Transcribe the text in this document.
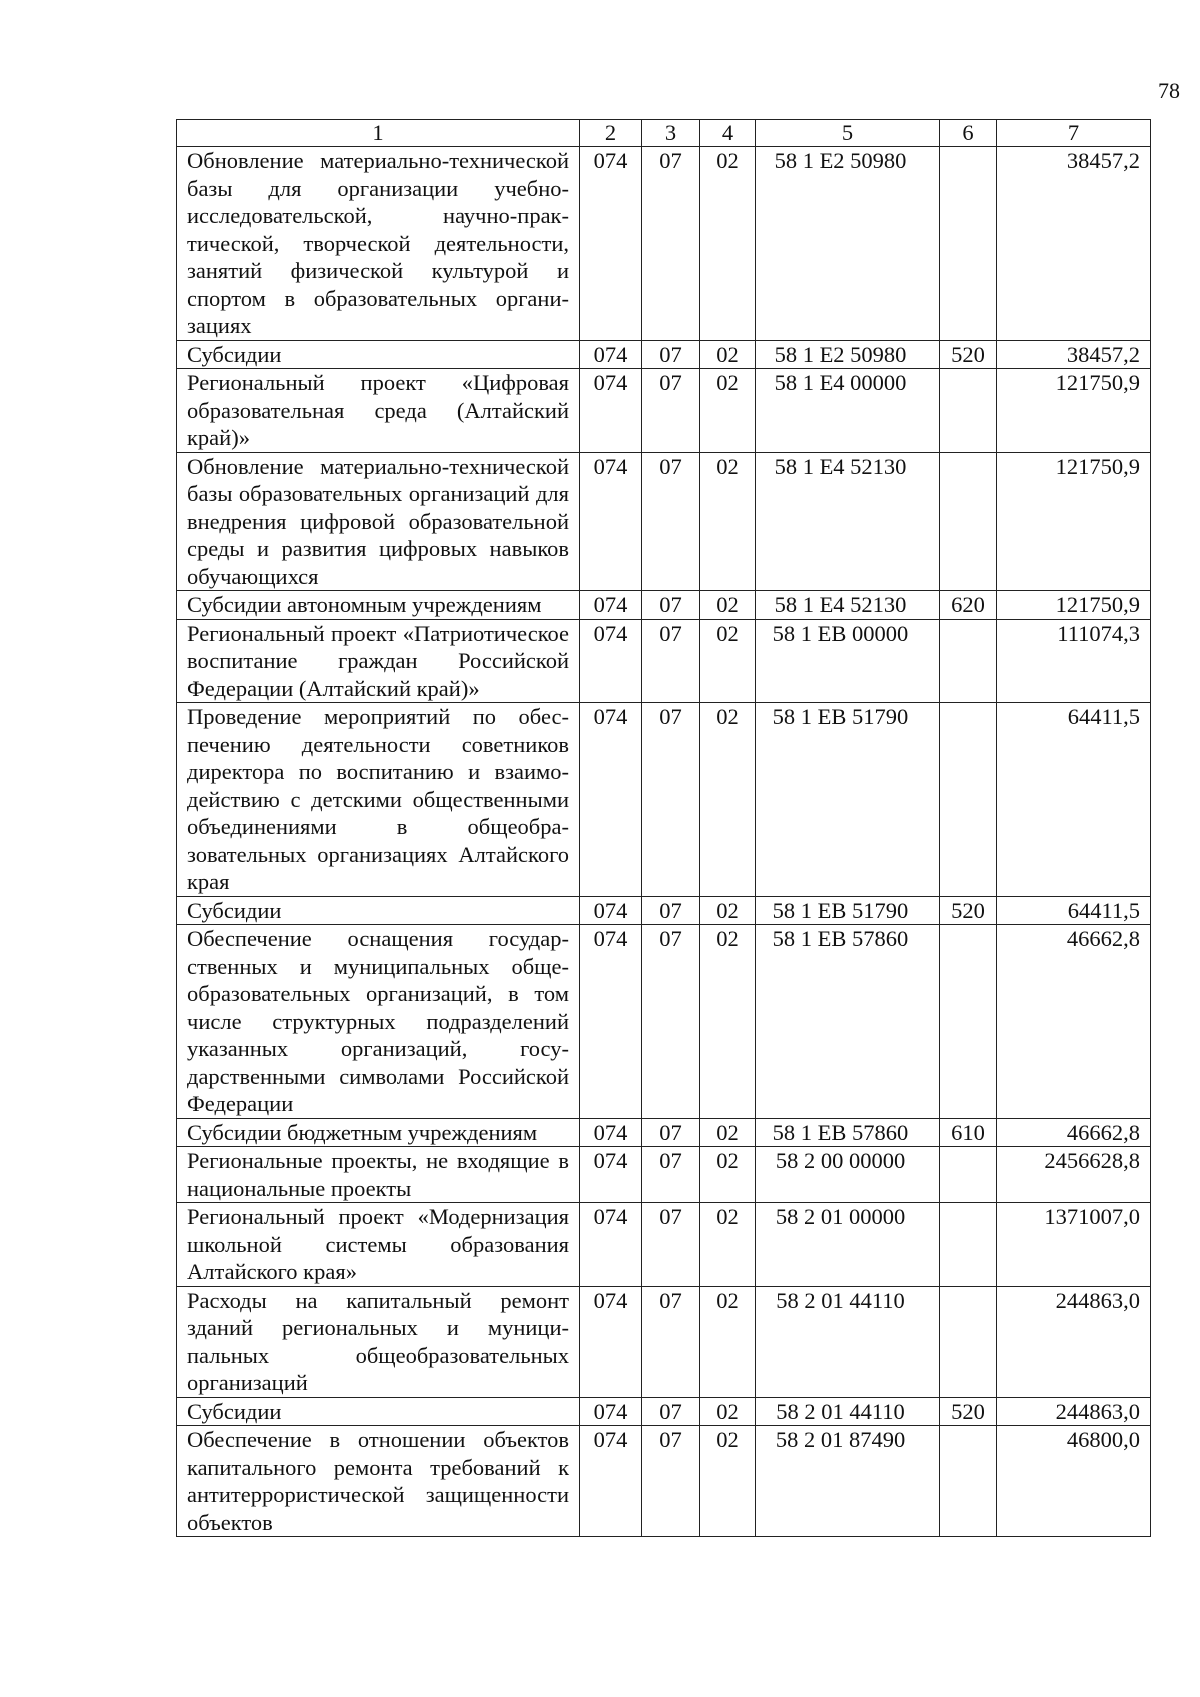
78
1	2	3	4	5	6	7
Обновление материально-технической базы для организации учебно-исследовательской, научно-практической, творческой деятельности, занятий физической культурой и спортом в образовательных организациях	074	07	02	58 1 E2 50980		38457,2
Субсидии	074	07	02	58 1 E2 50980	520	38457,2
Региональный проект «Цифровая образовательная среда (Алтайский край)»	074	07	02	58 1 E4 00000		121750,9
Обновление материально-технической базы образовательных организаций для внедрения цифровой образовательной среды и развития цифровых навыков обучающихся	074	07	02	58 1 E4 52130		121750,9
Субсидии автономным учреждениям	074	07	02	58 1 E4 52130	620	121750,9
Региональный проект «Патриотическое воспитание граждан Российской Федерации (Алтайский край)»	074	07	02	58 1 EB 00000		111074,3
Проведение мероприятий по обеспечению деятельности советников директора по воспитанию и взаимодействию с детскими общественными объединениями в общеобразовательных организациях Алтайского края	074	07	02	58 1 EB 51790		64411,5
Субсидии	074	07	02	58 1 EB 51790	520	64411,5
Обеспечение оснащения государственных и муниципальных общеобразовательных организаций, в том числе структурных подразделений указанных организаций, государственными символами Российской Федерации	074	07	02	58 1 EB 57860		46662,8
Субсидии бюджетным учреждениям	074	07	02	58 1 EB 57860	610	46662,8
Региональные проекты, не входящие в национальные проекты	074	07	02	58 2 00 00000		2456628,8
Региональный проект «Модернизация школьной системы образования Алтайского края»	074	07	02	58 2 01 00000		1371007,0
Расходы на капитальный ремонт зданий региональных и муниципальных общеобразовательных организаций	074	07	02	58 2 01 44110		244863,0
Субсидии	074	07	02	58 2 01 44110	520	244863,0
Обеспечение в отношении объектов капитального ремонта требований к антитеррористической защищенности объектов	074	07	02	58 2 01 87490		46800,0
